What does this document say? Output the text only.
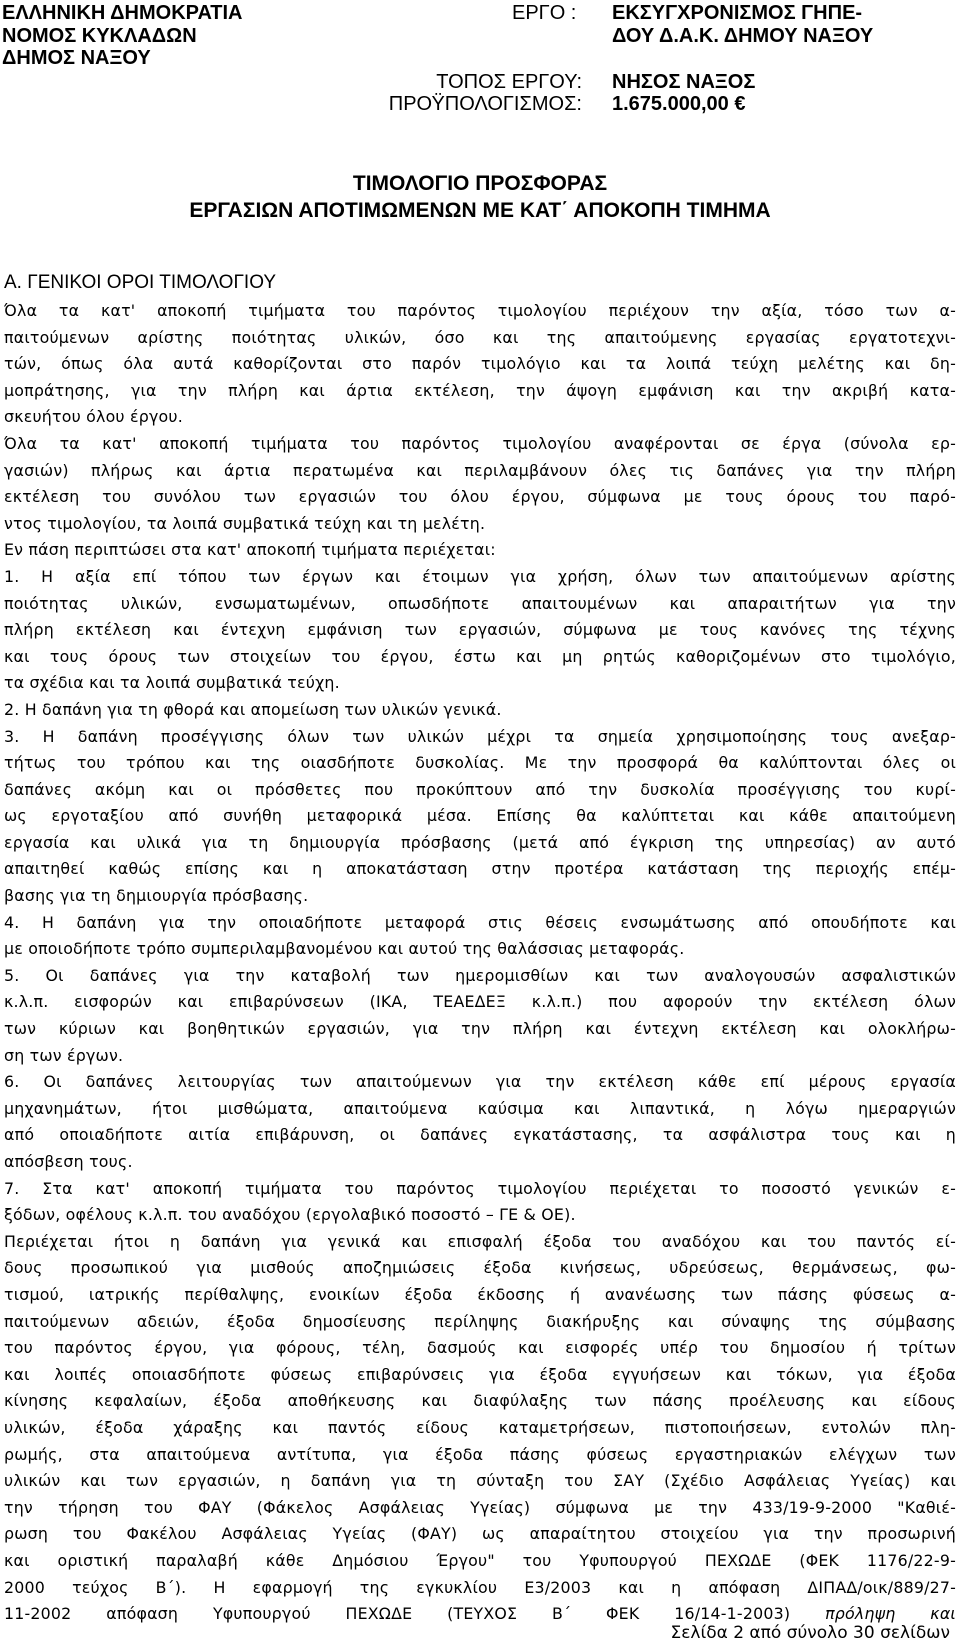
ΕΛΛΗΝΙΚΗ ΔΗΜΟΚΡΑΤΙΑ
ΝΟΜΟΣ ΚΥΚΛΑΔΩΝ
ΔΗΜΟΣ ΝΑΞΟΥ
ΕΡΓΟ : ΕΚΣΥΓΧΡΟΝΙΣΜΟΣ ΓΗΠΕ-
ΔΟΥ Δ.Α.Κ. ΔΗΜΟΥ ΝΑΞΟΥ
ΤΟΠΟΣ ΕΡΓΟΥ: ΝΗΣΟΣ ΝΑΞΟΣ
ΠΡΟΫΠΟΛΟΓΙΣΜΟΣ: 1.675.000,00 €
ΤΙΜΟΛΟΓΙΟ ΠΡΟΣΦΟΡΑΣ
ΕΡΓΑΣΙΩΝ ΑΠΟΤΙΜΩΜΕΝΩΝ ΜΕ ΚΑΤ΄ ΑΠΟΚΟΠΗ ΤΙΜΗΜΑ
Α. ΓΕΝΙΚΟΙ ΟΡΟΙ ΤΙΜΟΛΟΓΙΟΥ
Όλα τα κατ' αποκοπή τιμήματα του παρόντος τιμολογίου περιέχουν την αξία, τόσο των α-
παιτούμενων αρίστης ποιότητας υλικών, όσο και της απαιτούμενης εργασίας εργατοτεχνι-
τών, όπως όλα αυτά καθορίζονται στο παρόν τιμολόγιο και τα λοιπά τεύχη μελέτης και δη-
μοπράτησης, για την πλήρη και άρτια εκτέλεση, την άψογη εμφάνιση και την ακριβή κατα-
σκευήτου όλου έργου.
Όλα τα κατ' αποκοπή τιμήματα του παρόντος τιμολογίου αναφέρονται σε έργα (σύνολα ερ-
γασιών) πλήρως και άρτια περατωμένα και περιλαμβάνουν όλες τις δαπάνες για την πλήρη
εκτέλεση του συνόλου των εργασιών του όλου έργου, σύμφωνα με τους όρους του παρό-
ντος τιμολογίου, τα λοιπά συμβατικά τεύχη και τη μελέτη.
Εν πάση περιπτώσει στα κατ' αποκοπή τιμήματα περιέχεται:
1. Η αξία επί τόπου των έργων και έτοιμων για χρήση, όλων των απαιτούμενων αρίστης
ποιότητας υλικών, ενσωματωμένων, οπωσδήποτε απαιτουμένων και απαραιτήτων για την
πλήρη εκτέλεση και έντεχνη εμφάνιση των εργασιών, σύμφωνα με τους κανόνες της τέχνης
και τους όρους των στοιχείων του έργου, έστω και μη ρητώς καθοριζομένων στο τιμολόγιο,
τα σχέδια και τα λοιπά συμβατικά τεύχη.
2. Η δαπάνη για τη φθορά και απομείωση των υλικών γενικά.
3. Η δαπάνη προσέγγισης όλων των υλικών μέχρι τα σημεία χρησιμοποίησης τους ανεξαρ-
τήτως του τρόπου και της οιασδήποτε δυσκολίας. Με την προσφορά θα καλύπτονται όλες οι
δαπάνες ακόμη και οι πρόσθετες που προκύπτουν από την δυσκολία προσέγγισης του κυρί-
ως εργοταξίου από συνήθη μεταφορικά μέσα. Επίσης θα καλύπτεται και κάθε απαιτούμενη
εργασία και υλικά για τη δημιουργία πρόσβασης (μετά από έγκριση της υπηρεσίας) αν αυτό
απαιτηθεί καθώς επίσης και η αποκατάσταση στην προτέρα κατάσταση της περιοχής επέμ-
βασης για τη δημιουργία πρόσβασης.
4. Η δαπάνη για την οποιαδήποτε μεταφορά στις θέσεις ενσωμάτωσης από οπουδήποτε και
με οποιοδήποτε τρόπο συμπεριλαμβανομένου και αυτού της θαλάσσιας μεταφοράς.
5. Οι δαπάνες για την καταβολή των ημερομισθίων και των αναλογουσών ασφαλιστικών
κ.λ.π. εισφορών και επιβαρύνσεων (ΙΚΑ, ΤΕΑΕΔΕΞ κ.λ.π.) που αφορούν την εκτέλεση όλων
των κύριων και βοηθητικών εργασιών, για την πλήρη και έντεχνη εκτέλεση και ολοκλήρω-
ση των έργων.
6. Οι δαπάνες λειτουργίας των απαιτούμενων για την εκτέλεση κάθε επί μέρους εργασία
μηχανημάτων, ήτοι μισθώματα, απαιτούμενα καύσιμα και λιπαντικά, η λόγω ημεραργιών
από οποιαδήποτε αιτία επιβάρυνση, οι δαπάνες εγκατάστασης, τα ασφάλιστρα τους και η
απόσβεση τους.
7. Στα κατ' αποκοπή τιμήματα του παρόντος τιμολογίου περιέχεται το ποσοστό γενικών ε-
ξόδων, οφέλους κ.λ.π. του αναδόχου (εργολαβικό ποσοστό – ΓΕ & ΟΕ).
Περιέχεται ήτοι η δαπάνη για γενικά και επισφαλή έξοδα του αναδόχου και του παντός εί-
δους προσωπικού για μισθούς αποζημιώσεις έξοδα κινήσεως, υδρεύσεως, θερμάνσεως, φω-
τισμού, ιατρικής περίθαλψης, ενοικίων έξοδα έκδοσης ή ανανέωσης των πάσης φύσεως α-
παιτούμενων αδειών, έξοδα δημοσίευσης περίληψης διακήρυξης και σύναψης της σύμβασης
του παρόντος έργου, για φόρους, τέλη, δασμούς και εισφορές υπέρ του δημοσίου ή τρίτων
και λοιπές οποιασδήποτε φύσεως επιβαρύνσεις για έξοδα εγγυήσεων και τόκων, για έξοδα
κίνησης κεφαλαίων, έξοδα αποθήκευσης και διαφύλαξης των πάσης προέλευσης και είδους
υλικών, έξοδα χάραξης και παντός είδους καταμετρήσεων, πιστοποιήσεων, εντολών πλη-
ρωμής, στα απαιτούμενα αντίτυπα, για έξοδα πάσης φύσεως εργαστηριακών ελέγχων των
υλικών και των εργασιών, η δαπάνη για τη σύνταξη του ΣΑΥ (Σχέδιο Ασφάλειας Υγείας) και
την τήρηση του ΦΑΥ (Φάκελος Ασφάλειας Υγείας) σύμφωνα με την 433/19-9-2000 "Καθιέ-
ρωση του Φακέλου Ασφάλειας Υγείας (ΦΑΥ) ως απαραίτητου στοιχείου για την προσωρινή
και οριστική παραλαβή κάθε Δημόσιου Έργου" του Υφυπουργού ΠΕΧΩΔΕ (ΦΕΚ 1176/22-9-
2000 τεύχος Β΄). Η εφαρμογή της εγκυκλίου Ε3/2003 και η απόφαση ΔΙΠΑΔ/οικ/889/27-
11-2002 απόφαση Υφυπουργού ΠΕΧΩΔΕ (ΤΕΥΧΟΣ Β΄ ΦΕΚ 16/14-1-2003) πρόληψη και
Σελίδα 2 από σύνολο 30 σελίδων
